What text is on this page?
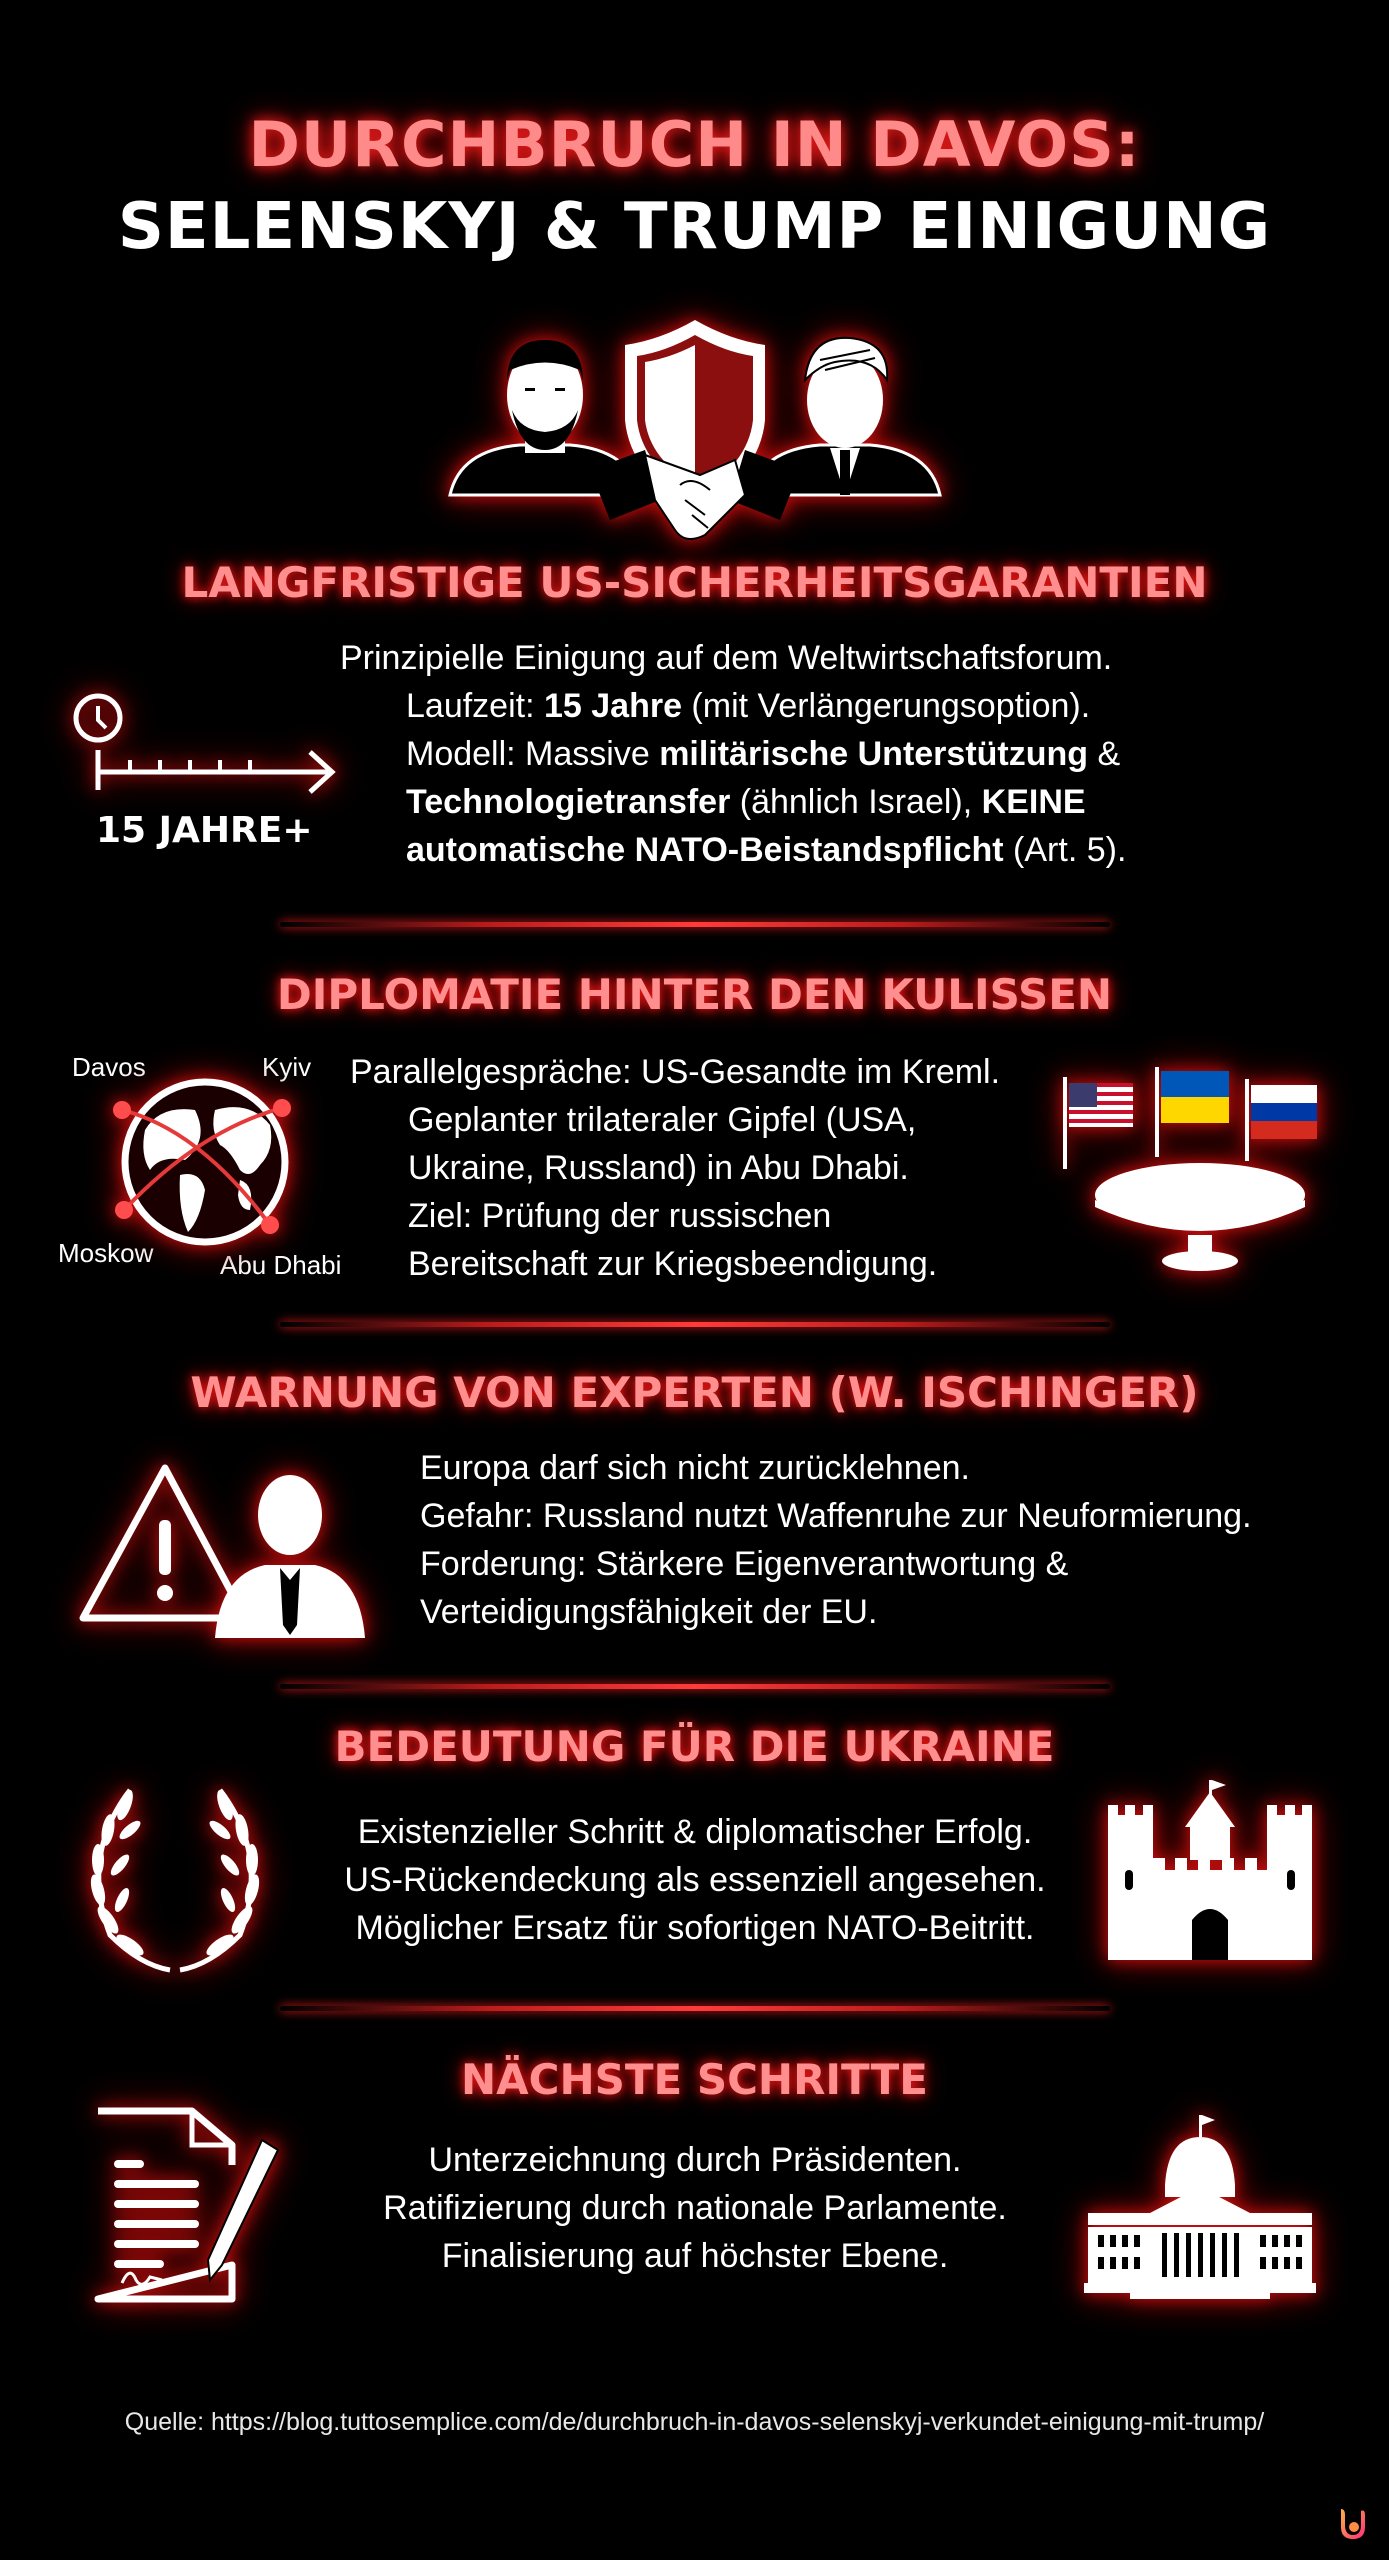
DURCHBRUCH IN DAVOS:
SELENSKYJ & TRUMP EINIGUNG
LANGFRISTIGE US-SICHERHEITSGARANTIEN
15 JAHRE+
Prinzipielle Einigung auf dem Weltwirtschaftsforum.
Laufzeit: 15 Jahre (mit Verlängerungsoption).
Modell: Massive militärische Unterstützung &
Technologietransfer (ähnlich Israel), KEINE
automatische NATO-Beistandspflicht (Art. 5).
DIPLOMATIE HINTER DEN KULISSEN
Davos	Kyiv
Moskow	Abu Dhabi
Parallelgespräche: US-Gesandte im Kreml.
Geplanter trilateraler Gipfel (USA,
Ukraine, Russland) in Abu Dhabi.
Ziel: Prüfung der russischen
Bereitschaft zur Kriegsbeendigung.
WARNUNG VON EXPERTEN (W. ISCHINGER)
Europa darf sich nicht zurücklehnen.
Gefahr: Russland nutzt Waffenruhe zur Neuformierung.
Forderung: Stärkere Eigenverantwortung &
Verteidigungsfähigkeit der EU.
BEDEUTUNG FÜR DIE UKRAINE
Existenzieller Schritt & diplomatischer Erfolg.
US-Rückendeckung als essenziell angesehen.
Möglicher Ersatz für sofortigen NATO-Beitritt.
NÄCHSTE SCHRITTE
Unterzeichnung durch Präsidenten.
Ratifizierung durch nationale Parlamente.
Finalisierung auf höchster Ebene.
Quelle: https://blog.tuttosemplice.com/de/durchbruch-in-davos-selenskyj-verkundet-einigung-mit-trump/
